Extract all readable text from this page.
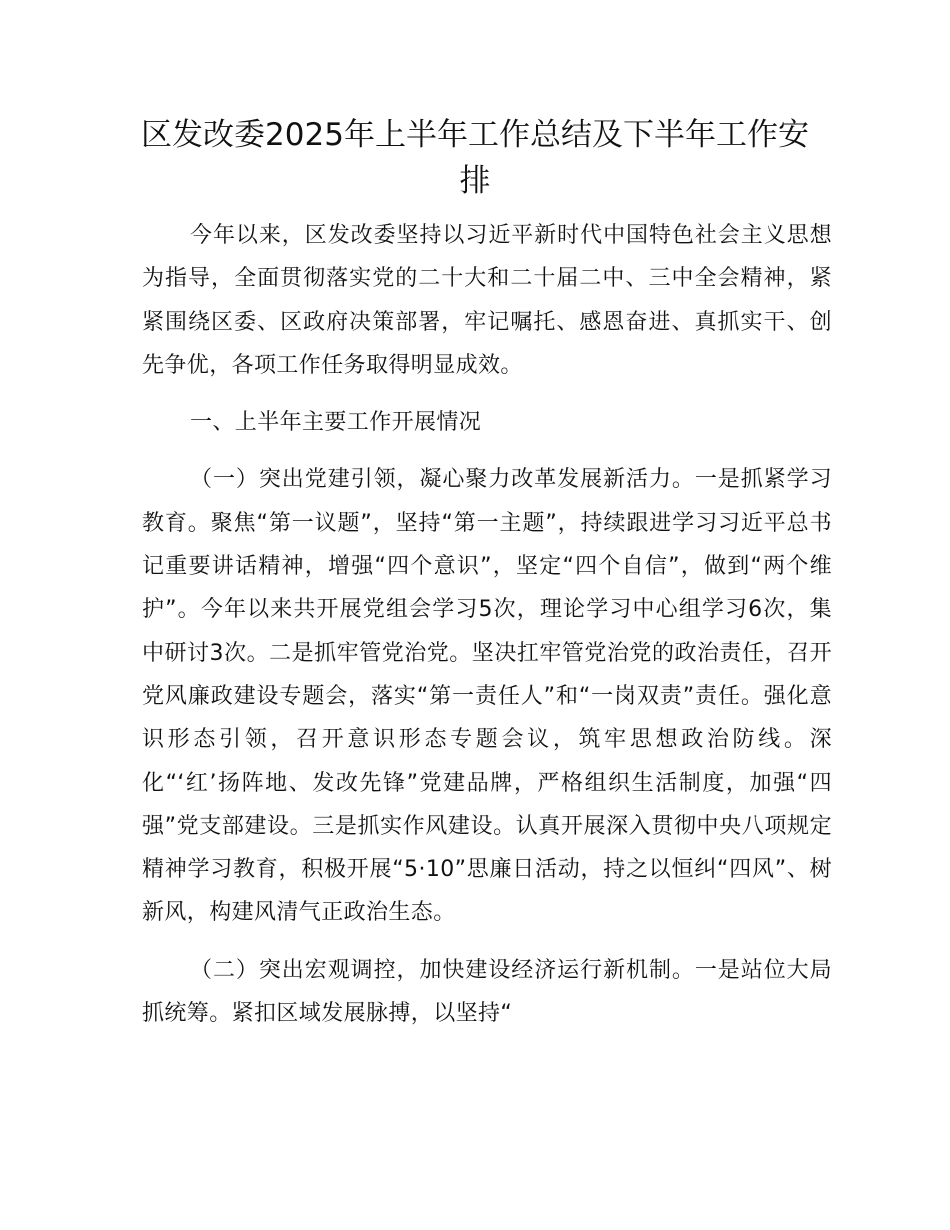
区发改委2025年上半年工作总结及下半年工作安排

今年以来，区发改委坚持以习近平新时代中国特色社会主义思想为指导，全面贯彻落实党的二十大和二十届二中、三中全会精神，紧紧围绕区委、区政府决策部署，牢记嘱托、感恩奋进、真抓实干、创先争优，各项工作任务取得明显成效。

一、上半年主要工作开展情况

（一）突出党建引领，凝心聚力改革发展新活力。一是抓紧学习教育。聚焦“第一议题”，坚持“第一主题”，持续跟进学习习近平总书记重要讲话精神，增强“四个意识”，坚定“四个自信”，做到“两个维护”。今年以来共开展党组会学习5次，理论学习中心组学习6次，集中研讨3次。二是抓牢管党治党。坚决扛牢管党治党的政治责任，召开党风廉政建设专题会，落实“第一责任人”和“一岗双责”责任。强化意识形态引领，召开意识形态专题会议，筑牢思想政治防线。深化“‘红’扬阵地、发改先锋”党建品牌，严格组织生活制度，加强“四强”党支部建设。三是抓实作风建设。认真开展深入贯彻中央八项规定精神学习教育，积极开展“5·10”思廉日活动，持之以恒纠“四风”、树新风，构建风清气正政治生态。

（二）突出宏观调控，加快建设经济运行新机制。一是站位大局抓统筹。紧扣区域发展脉搏，以坚持“
